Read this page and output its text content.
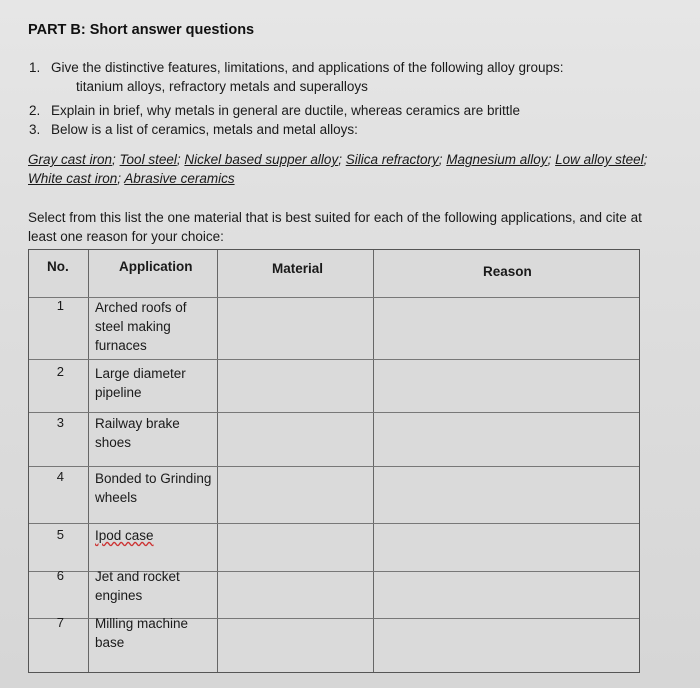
PART B: Short answer questions
1. Give the distinctive features, limitations, and applications of the following alloy groups:
titanium alloys, refractory metals and superalloys
2. Explain in brief, why metals in general are ductile, whereas ceramics are brittle
3. Below is a list of ceramics, metals and metal alloys:
Gray cast iron; Tool steel; Nickel based supper alloy; Silica refractory; Magnesium alloy; Low alloy steel; White cast iron; Abrasive ceramics
Select from this list the one material that is best suited for each of the following applications, and cite at least one reason for your choice:
No.	Application	Material	Reason
1 Arched roofs of steel making furnaces
2 Large diameter pipeline
3 Railway brake shoes
4 Bonded to Grinding wheels
5 Ipod case
6 Jet and rocket engines
7 Milling machine base
